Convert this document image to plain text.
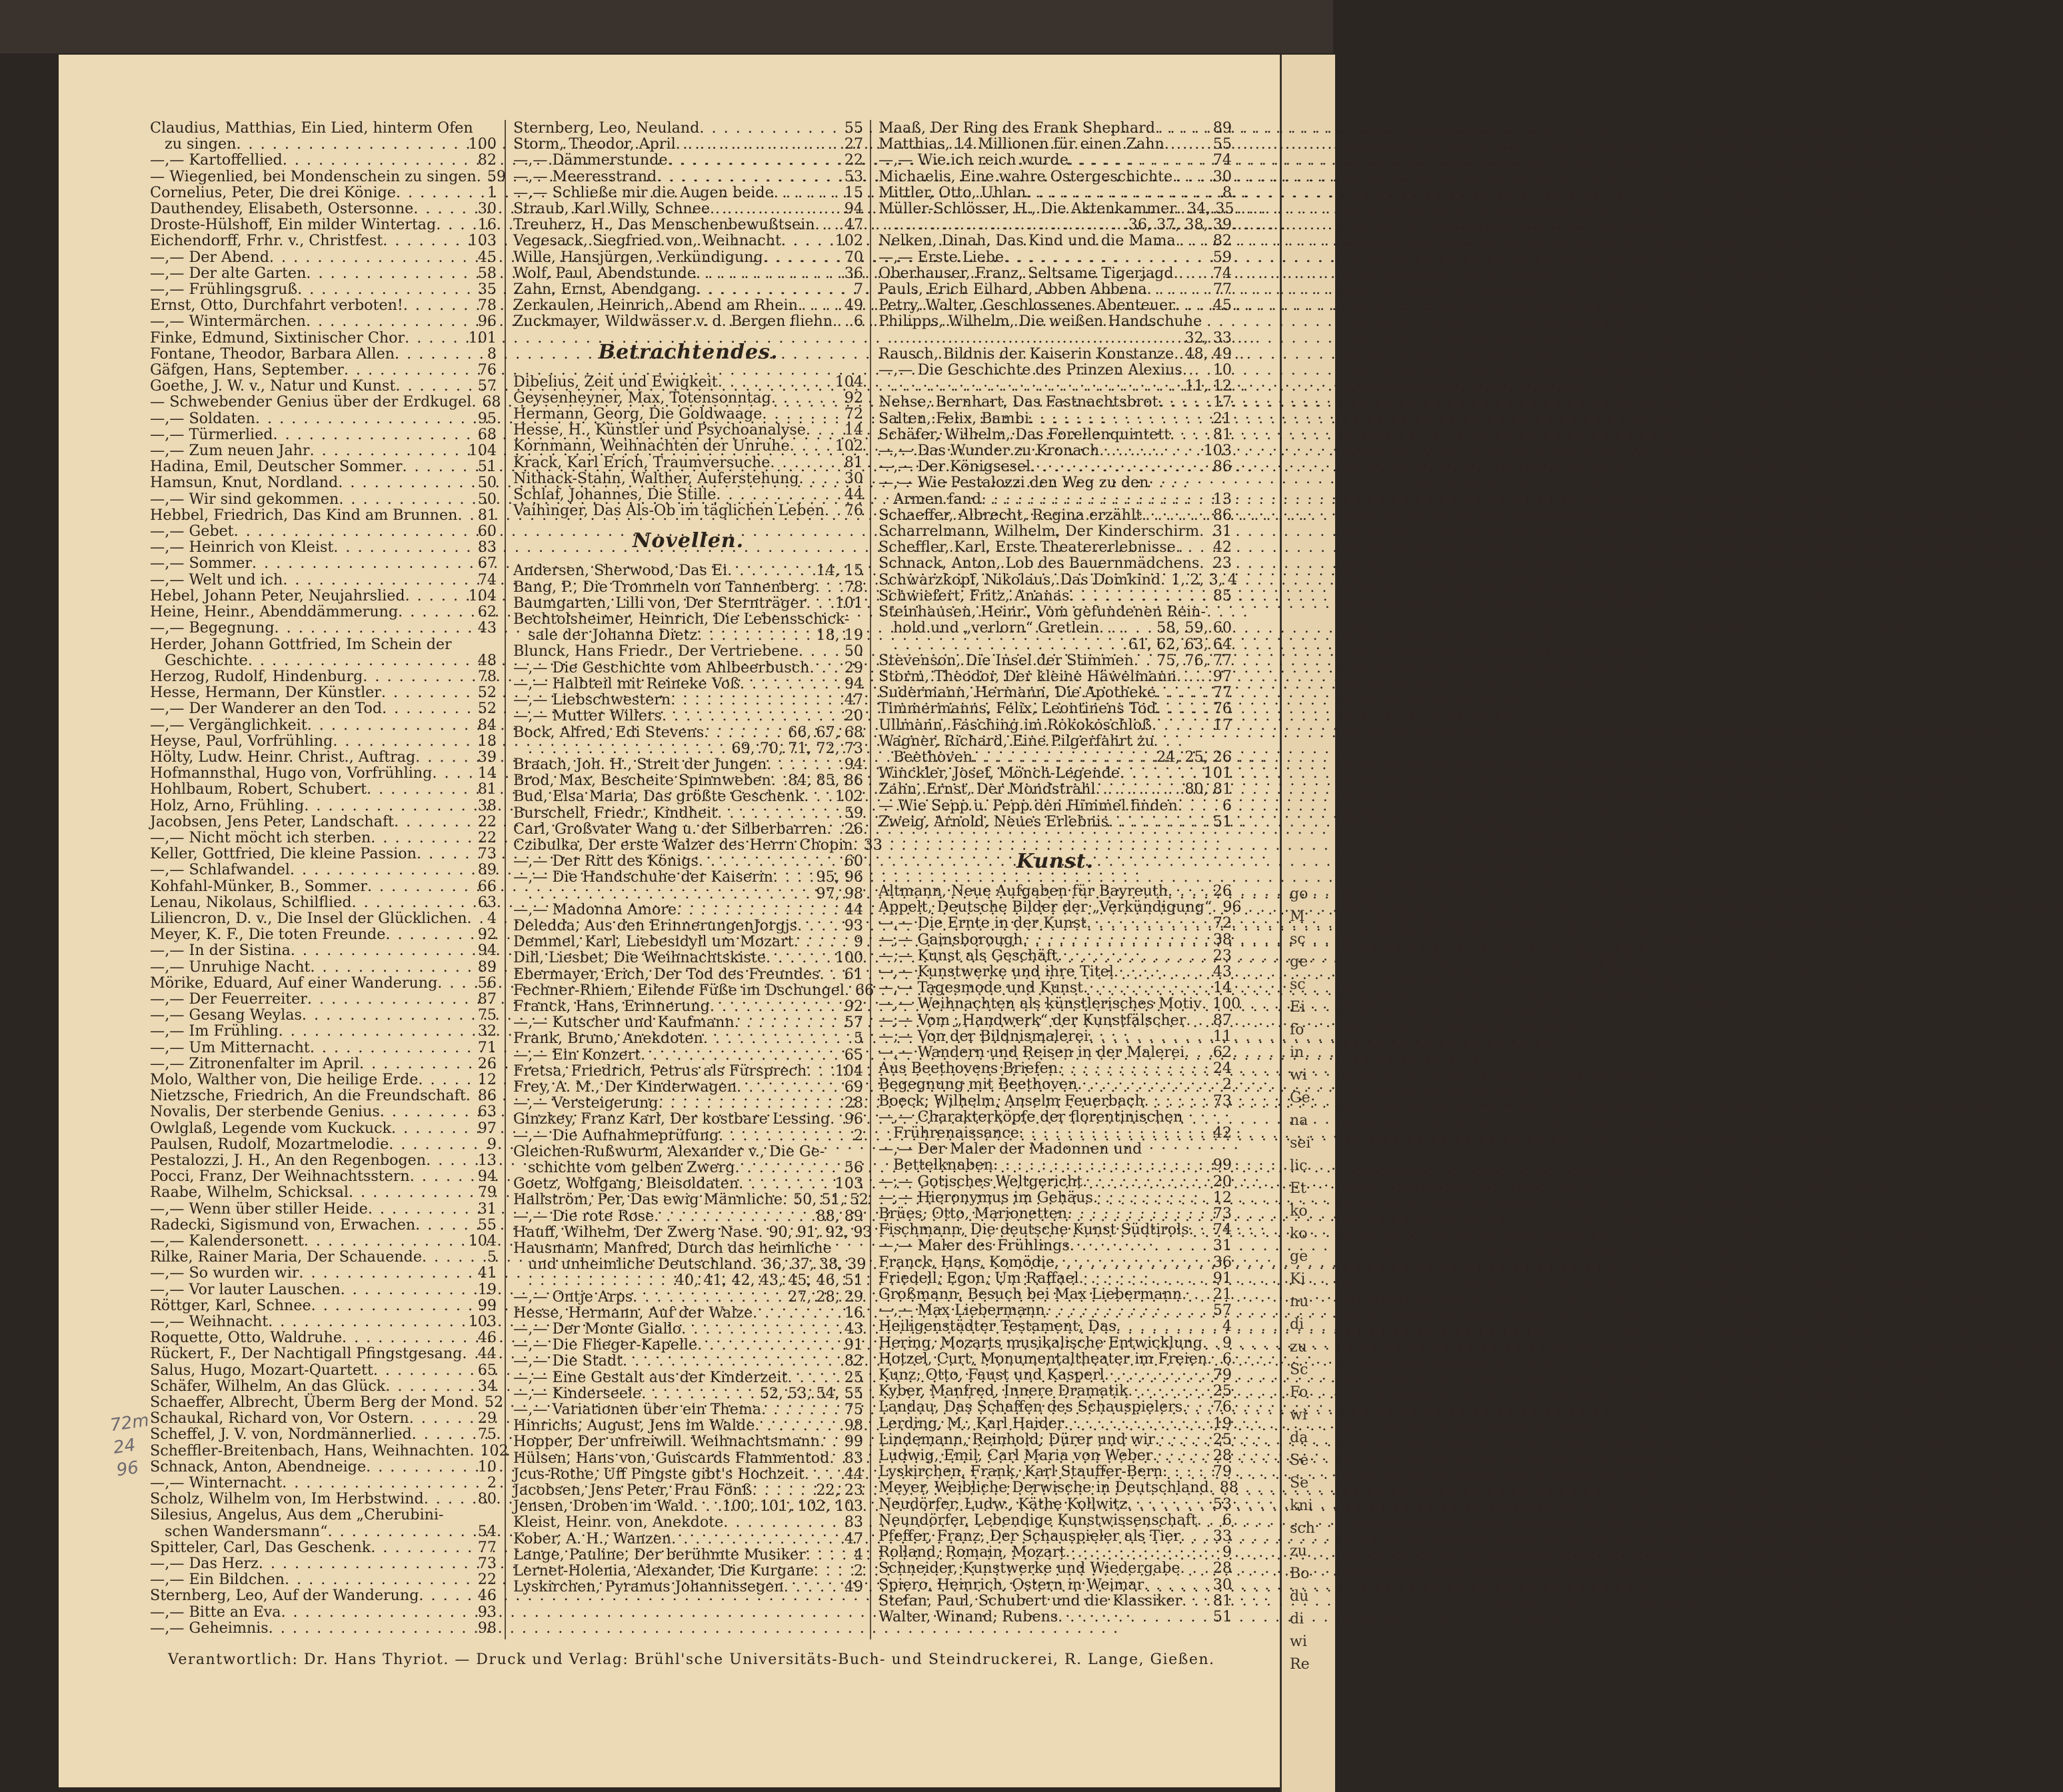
go
M
sc
ge
sc
Ei
fo
in
wi
Ge
na
sei
lic
Et
ko
ko
ge
Ki
nu
di
zu
Sc
Fo
wi
da
Se
Se
kni
sch
zu
Bo
du
di
wi
Re
Claudius, Matthias, Ein Lied, hinterm Ofen
zu singen . . .	100
—,— Kartoffellied . . .	82
— Wiegenlied, bei Mondenschein zu singen . . . 59
Cornelius, Peter, Die drei Könige . . .	1
Dauthendey, Elisabeth, Ostersonne . . .	30
Droste-Hülshoff, Ein milder Wintertag . . .	16
Eichendorff, Frhr. v., Christfest . . .	103
—,— Der Abend . . .	45
—,— Der alte Garten . . .	58
—,— Frühlingsgruß . . .	35
Ernst, Otto, Durchfahrt verboten! . . .	78
—,— Wintermärchen . . .	96
Finke, Edmund, Sixtinischer Chor . . .	101
Fontane, Theodor, Barbara Allen . . .	8
Gäfgen, Hans, September . . .	76
Goethe, J. W. v., Natur und Kunst . . .	57
— Schwebender Genius über der Erdkugel . . . 68
—,— Soldaten . . .	95
—,— Türmerlied . . .	68
—,— Zum neuen Jahr . . .	104
Hadina, Emil, Deutscher Sommer . . .	51
Hamsun, Knut, Nordland . . .	50
—,— Wir sind gekommen . . .	50
Hebbel, Friedrich, Das Kind am Brunnen . . . 81
—,— Gebet . . .	60
—,— Heinrich von Kleist . . .	83
—,— Sommer . . .	67
—,— Welt und ich . . .	74
Hebel, Johann Peter, Neujahrslied . . .	104
Heine, Heinr., Abenddämmerung . . .	62
—,— Begegnung . . .	43
Herder, Johann Gottfried, Im Schein der
Geschichte . . .	48
Herzog, Rudolf, Hindenburg . . .	78
Hesse, Hermann, Der Künstler . . .	52
—,— Der Wanderer an den Tod . . .	52
—,— Vergänglichkeit . . .	84
Heyse, Paul, Vorfrühling . . .	18
Hölty, Ludw. Heinr. Christ., Auftrag . . .	39
Hofmannsthal, Hugo von, Vorfrühling . . .	14
Hohlbaum, Robert, Schubert . . .	81
Holz, Arno, Frühling . . .	38
Jacobsen, Jens Peter, Landschaft . . .	22
—,— Nicht möcht ich sterben . . .	22
Keller, Gottfried, Die kleine Passion . . .	73
—,— Schlafwandel . . .	89
Kohfahl-Münker, B., Sommer . . .	66
Lenau, Nikolaus, Schilflied . . .	63
Liliencron, D. v., Die Insel der Glücklichen . . . 4
Meyer, K. F., Die toten Freunde . . .	92
—,— In der Sistina . . .	94
—,— Unruhige Nacht . . .	89
Mörike, Eduard, Auf einer Wanderung . . .	56
—,— Der Feuerreiter . . .	87
—,— Gesang Weylas . . .	75
—,— Im Frühling . . .	32
—,— Um Mitternacht . . .	71
—,— Zitronenfalter im April . . .	26
Molo, Walther von, Die heilige Erde . . .	12
Nietzsche, Friedrich, An die Freundschaft . . . 86
Novalis, Der sterbende Genius . . .	63
Owlglaß, Legende vom Kuckuck . . .	97
Paulsen, Rudolf, Mozartmelodie . . .	9
Pestalozzi, J. H., An den Regenbogen . . .	13
Pocci, Franz, Der Weihnachtsstern . . .	94
Raabe, Wilhelm, Schicksal . . .	79
—,— Wenn über stiller Heide . . .	31
Radecki, Sigismund von, Erwachen . . .	55
—,— Kalendersonett . . .	104
Rilke, Rainer Maria, Der Schauende . . .	5
—,— So wurden wir . . .	41
—,— Vor lauter Lauschen . . .	19
Röttger, Karl, Schnee . . .	99
—,— Weihnacht . . .	103
Roquette, Otto, Waldruhe . . .	46
Rückert, F., Der Nachtigall Pfingstgesang . . . 44
Salus, Hugo, Mozart-Quartett . . .	65
Schäfer, Wilhelm, An das Glück . . .	34
Schaeffer, Albrecht, Überm Berg der Mond . . . 52
Schaukal, Richard von, Vor Ostern . . .	29
Scheffel, J. V. von, Nordmännerlied . . .	75
Scheffler-Breitenbach, Hans, Weihnachten . . . 102
Schnack, Anton, Abendneige . . .	10
—,— Winternacht . . .	2
Scholz, Wilhelm von, Im Herbstwind . . .	80
Silesius, Angelus, Aus dem „Cherubini-
schen Wandersmann“ . . .	54
Spitteler, Carl, Das Geschenk . . .	77
—,— Das Herz . . .	73
—,— Ein Bildchen . . .	22
Sternberg, Leo, Auf der Wanderung . . .	46
—,— Bitte an Eva . . .	93
—,— Geheimnis . . .	98
Sternberg, Leo, Neuland . . .	55
Storm, Theodor, April . . .	27
—,— Dämmerstunde . . .	22
—,— Meeresstrand . . .	53
—,— Schließe mir die Augen beide . . .	15
Straub, Karl Willy, Schnee . . .	94
Treuherz, H., Das Menschenbewußtsein . . . 47
Vegesack, Siegfried von, Weihnacht . . .	102
Wille, Hansjürgen, Verkündigung . . .	70
Wolf, Paul, Abendstunde . . .	36
Zahn, Ernst, Abendgang . . .	7
Zerkaulen, Heinrich, Abend am Rhein . . .	49
Zuckmayer, Wildwässer v. d. Bergen fliehn . . . 6
Betrachtendes.
Dibelius, Zeit und Ewigkeit . . .	104
Geysenheyner, Max, Totensonntag . . .	92
Hermann, Georg, Die Goldwaage . . .	72
Hesse, H., Künstler und Psychoanalyse . . .	14
Kornmann, Weihnachten der Unruhe . . .	102
Krack, Karl Erich, Traumversuche . . .	81
Nithack-Stahn, Walther, Auferstehung . . .	30
Schlaf, Johannes, Die Stille . . .	44
Vaihinger, Das Als-Ob im täglichen Leben . . . 76
Novellen.
Andersen, Sherwood, Das Ei . . .	14, 15
Bang, P., Die Trommeln von Tannenberg . . . 78
Baumgarten, Lilli von, Der Sternträger . . . 101
Bechtolsheimer, Heinrich, Die Lebensschick-
sale der Johanna Dietz . . .	18, 19
Blunck, Hans Friedr., Der Vertriebene . . .	50
—,— Die Geschichte vom Ahlbeerbusch . . . 29
—,— Halbteil mit Reineke Voß . . .	94
—,— Liebschwestern . . .	47
—,— Mutter Willers . . .	20
Bock, Alfred, Edi Stevens . . .	66, 67, 68
. . .
69, 70, 71, 72, 73
Braach, Joh. H., Streit der Jungen . . .	94
Brod, Max, Bescheite Spinnweben . . . 84, 85, 86
Bud, Elsa Maria, Das größte Geschenk . . . 102
Burschell, Friedr., Kindheit . . .	59
Carl, Großvater Wang u. der Silberbarren . . . 26
Czibulka, Der erste Walzer des Herrn Chopin . . . 33
—,— Der Ritt des Königs . . .	60
—,— Die Handschuhe der Kaiserin . . .	95, 96
. . .
97, 98
—,— Madonna Amore . . .	44
Deledda, Aus den ErinnerungenJorgjs . . .	93
Demmel, Karl, Liebesidyll um Mozart . . .	9
Dill, Liesbet, Die Weihnachtskiste . . .	100
Ebermayer, Erich, Der Tod des Freundes . . . 61
Fechner-Rhiem, Eilende Füße im Dschungel . . . 66
Franck, Hans, Erinnerung . . .	92
—,— Kutscher und Kaufmann . . .	57
Frank, Bruno, Anekdoten . . .	5
—,— Ein Konzert . . .	65
Fretsa, Friedrich, Petrus als Fürsprech . . . 104
Frey, A. M., Der Kinderwagen . . .	69
—,— Versteigerung . . .	28
Ginzkey, Franz Karl, Der kostbare Lessing . . . 96
—,— Die Aufnahmeprüfung . . .	2
Gleichen-Rußwurm, Alexander v., Die Ge-
schichte vom gelben Zwerg . . .	56
Goetz, Wolfgang, Bleisoldaten . . .	103
Hallström, Per, Das ewig Männliche . . . 50, 51, 52
—,— Die rote Rose . . .	88, 89
Hauff, Wilhelm, Der Zwerg Nase . . . 90, 91, 92, 93
Hausmann, Manfred, Durch das heimliche
und unheimliche Deutschland . . . 36, 37, 38, 39
. . .
40, 41, 42, 43, 45, 46, 51
—,— Ontje Arps . . .	27, 28, 29
Hesse, Hermann, Auf der Walze . . .	16
—,— Der Monte Giallo . . .	43
—,— Die Flieger-Kapelle . . .	91
—,— Die Stadt . . .	82
—,— Eine Gestalt aus der Kinderzeit . . .	25
—,— Kinderseele . . .	52, 53, 54, 55
—,— Variationen über ein Thema . . .	75
Hinrichs, August, Jens im Walde . . .	98
Hopper, Der unfreiwill. Weihnachtsmann . . . 99
Hülsen, Hans von, Guiscards Flammentod . . . 83
Jcus-Rothe, Uff Pingste gibt's Hochzeit . . .	44
Jacobsen, Jens Peter, Frau Fönß . . .	22, 23
Jensen, Droben im Wald . . . 100, 101, 102, 103
Kleist, Heinr. von, Anekdote . . .	83
Kober, A. H., Wanzen . . .	47
Lange, Pauline, Der berühmte Musiker . . .	4
Lernet-Holenia, Alexander, Die Kurgane . . .	2
Lyskirchen, Pyramus Johannissegen . . .	49
Maaß, Der Ring des Frank Shephard . . .	89
Matthias, 14 Millionen für einen Zahn . . .	55
—,— Wie ich reich wurde . . .	74
Michaelis, Eine wahre Ostergeschichte . . .	30
Mittler, Otto, Uhlan . . .	8
Müller-Schlösser, H., Die Aktenkammer . . . 34, 35
. . .
36, 37, 38, 39
Nelken, Dinah, Das Kind und die Mama . . .	82
—,— Erste Liebe . . .	59
Oberhauser, Franz, Seltsame Tigerjagd . . .	74
Pauls, Erich Eilhard, Abben Abbena . . .	77
Petry, Walter, Geschlossenes Abenteuer . . .	45
Philipps, Wilhelm, Die weißen Handschuhe
. . .
32, 33
Rausch, Bildnis der Kaiserin Konstanze . . . 48, 49
—,— Die Geschichte des Prinzen Alexius . . . 10
. . .
11, 12
Nehse, Bernhart, Das Fastnachtsbrot . . .	17
Salten, Felix, Bambi . . .	21
Schäfer, Wilhelm, Das Forellenquintett . . .	81
—,— Das Wunder zu Kronach . . .	103
—,— Der Königsesel . . .	86
—,— Wie Pestalozzi den Weg zu den
Armen fand . . .	13
Schaeffer, Albrecht, Regina erzählt . . .	86
Scharrelmann, Wilhelm, Der Kinderschirm . . . 31
Scheffler, Karl, Erste Theatererlebnisse . . .	42
Schnack, Anton, Lob des Bauernmädchens . . . 23
Schwarzkopf, Nikolaus, Das Domkind . . . 1, 2, 3, 4
Schwiefert, Fritz, Ananas . . .	85
Steinhausen, Heinr., Vom gefundenen Rein-
hold und „verlorn“ Gretlein . . .	58, 59, 60
. . .
61, 62, 63, 64
Stevenson, Die Insel der Stimmen . . . 75, 76, 77
Storm, Theodor, Der kleine Häwelmann . . . 97
Sudermann, Hermann, Die Apotheke . . .	77
Timmermanns, Felix, Leontinens Tod . . .	76
Ullmann, Fasching im Rokokoschloß . . .	17
Wagner, Richard, Eine Pilgerfahrt zu
Beethoven . . .	24, 25, 26
Winckler, Josef, Mönch-Legende . . .	101
Zahn, Ernst, Der Mondstrahl . . .	80, 81
— Wie Sepp u. Pepp den Himmel finden . . .	6
Zweig, Arnold, Neues Erlebnis . . .	51
Kunst.
Altmann, Neue Aufgaben für Bayreuth . . .	26
Appelt, Deutsche Bilder der „Verkündigung“ . . . 96
—,— Die Ernte in der Kunst . . .	72
—,— Gainsborough . . .	38
—,— Kunst als Geschäft . . .	23
—,— Kunstwerke und ihre Titel . . .	43
—,— Tagesmode und Kunst . . .	14
—,— Weihnachten als künstlerisches Motiv . . . 100
—,— Vom „Handwerk“ der Kunstfälscher . . . 87
—,— Von der Bildnismalerei . . .	11
—,— Wandern und Reisen in der Malerei . . . 62
Aus Beethovens Briefen . . .	24
Begegnung mit Beethoven . . .	2
Boeck, Wilhelm, Anselm Feuerbach . . .	73
—,— Charakterköpfe der florentinischen
Frührenaissance . . .	42
—,— Der Maler der Madonnen und
Bettelknaben . . .	99
—,— Gotisches Weltgericht . . .	20
—,— Hieronymus im Gehäus . . .	12
Brües, Otto, Marionetten . . .	73
Fischmann, Die deutsche Kunst Südtirols . . . 74
—,— Maler des Frühlings . . .	31
Franck, Hans, Komödie . . .	36
Friedell, Egon, Um Raffael . . .	91
Großmann, Besuch bei Max Liebermann . . . 21
—,— Max Liebermann . . .	57
Heiligenstädter Testament, Das . . .	4
Hering, Mozarts musikalische Entwicklung . . . 9
Hotzel, Curt, Monumentaltheater im Freien . . . 6
Kunz, Otto, Faust und Kasperl . . .	79
Kyber, Manfred, Innere Dramatik . . .	25
Landau, Das Schaffen des Schauspielers . . . 76
Lerding, M., Karl Haider . . .	19
Lindemann, Reinhold, Dürer und wir . . .	25
Ludwig, Emil, Carl Maria von Weber . . .	28
Lyskirchen, Frank, Karl Stauffer-Bern . . .	79
Meyer, Weibliche Derwische in Deutschland . . . 88
Neudörfer, Ludw., Käthe Kollwitz . . .	53
Neundörfer, Lebendige Kunstwissenschaft . . . 6
Pfeffer, Franz, Der Schauspieler als Tier . . . 33
Rolland, Romain, Mozart . . .	9
Schneider, Kunstwerke und Wiedergabe . . . 28
Spiero, Heinrich, Ostern in Weimar . . .	30
Stefan, Paul, Schubert und die Klassiker . . . 81
Walter, Winand, Rubens . . .	51
72m
24
96
Verantwortlich: Dr. Hans Thyriot. — Druck und Verlag: Brühl'sche Universitäts-Buch- und Steindruckerei, R. Lange, Gießen.
